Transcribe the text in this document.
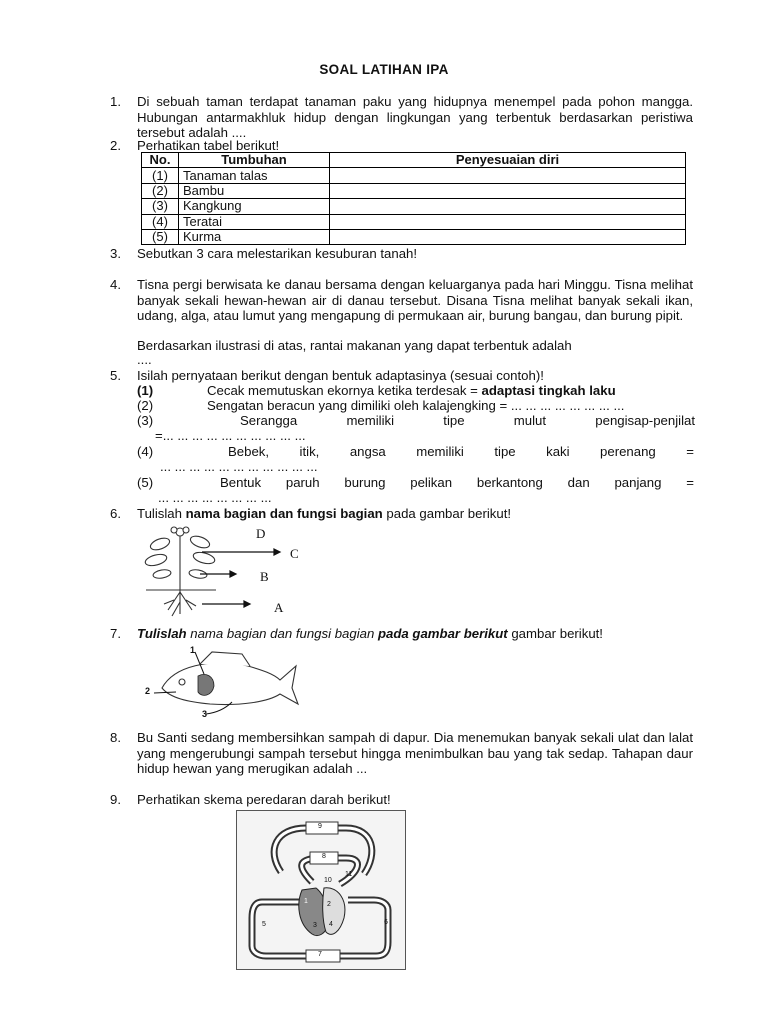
SOAL LATIHAN IPA
1. Di sebuah taman terdapat tanaman paku yang hidupnya menempel pada pohon mangga. Hubungan antarmakhluk hidup dengan lingkungan yang terbentuk berdasarkan peristiwa tersebut adalah ....
2. Perhatikan tabel berikut!
No.	Tumbuhan	Penyesuaian diri
(1)	Tanaman talas	
(2)	Bambu	
(3)	Kangkung	
(4)	Teratai	
(5)	Kurma	
3. Sebutkan 3 cara melestarikan kesuburan tanah!
4. Tisna pergi berwisata ke danau bersama dengan keluarganya pada hari Minggu. Tisna melihat banyak sekali hewan-hewan air di danau tersebut. Disana Tisna melihat banyak sekali ikan, udang, alga, atau lumut yang mengapung di permukaan air, burung bangau, dan burung pipit.
Berdasarkan ilustrasi di atas, rantai makanan yang dapat terbentuk adalah
....
5. Isilah pernyataan berikut dengan bentuk adaptasinya (sesuai contoh)!
(1)	Cecak memutuskan ekornya ketika terdesak = adaptasi tingkah laku
(2)	Sengatan beracun yang dimiliki oleh kalajengking = ... ... ... ... ... ... ... ...
(3)	Serangga	memiliki	tipe	mulut	pengisap-penjilat
=... ... ... ... ... ... ... ... ... ...
(4)	Bebek, itik, angsa memiliki tipe kaki perenang =
... ... ... ... ... ... ... ... ... ... ...
(5)	Bentuk paruh burung pelikan berkantong dan panjang =
... ... ... ... ... ... ... ...
6. Tulislah nama bagian dan fungsi bagian pada gambar berikut!
D
C
B
A
7. Tulislah nama bagian dan fungsi bagian pada gambar berikut gambar berikut!
1
2
3
8. Bu Santi sedang membersihkan sampah di dapur. Dia menemukan banyak sekali ulat dan lalat yang mengerubungi sampah tersebut hingga menimbulkan bau yang tak sedap. Tahapan daur hidup hewan yang merugikan adalah ...
9. Perhatikan skema peredaran darah berikut!
9
8
11
10
1	2
3 4
5	6
7
